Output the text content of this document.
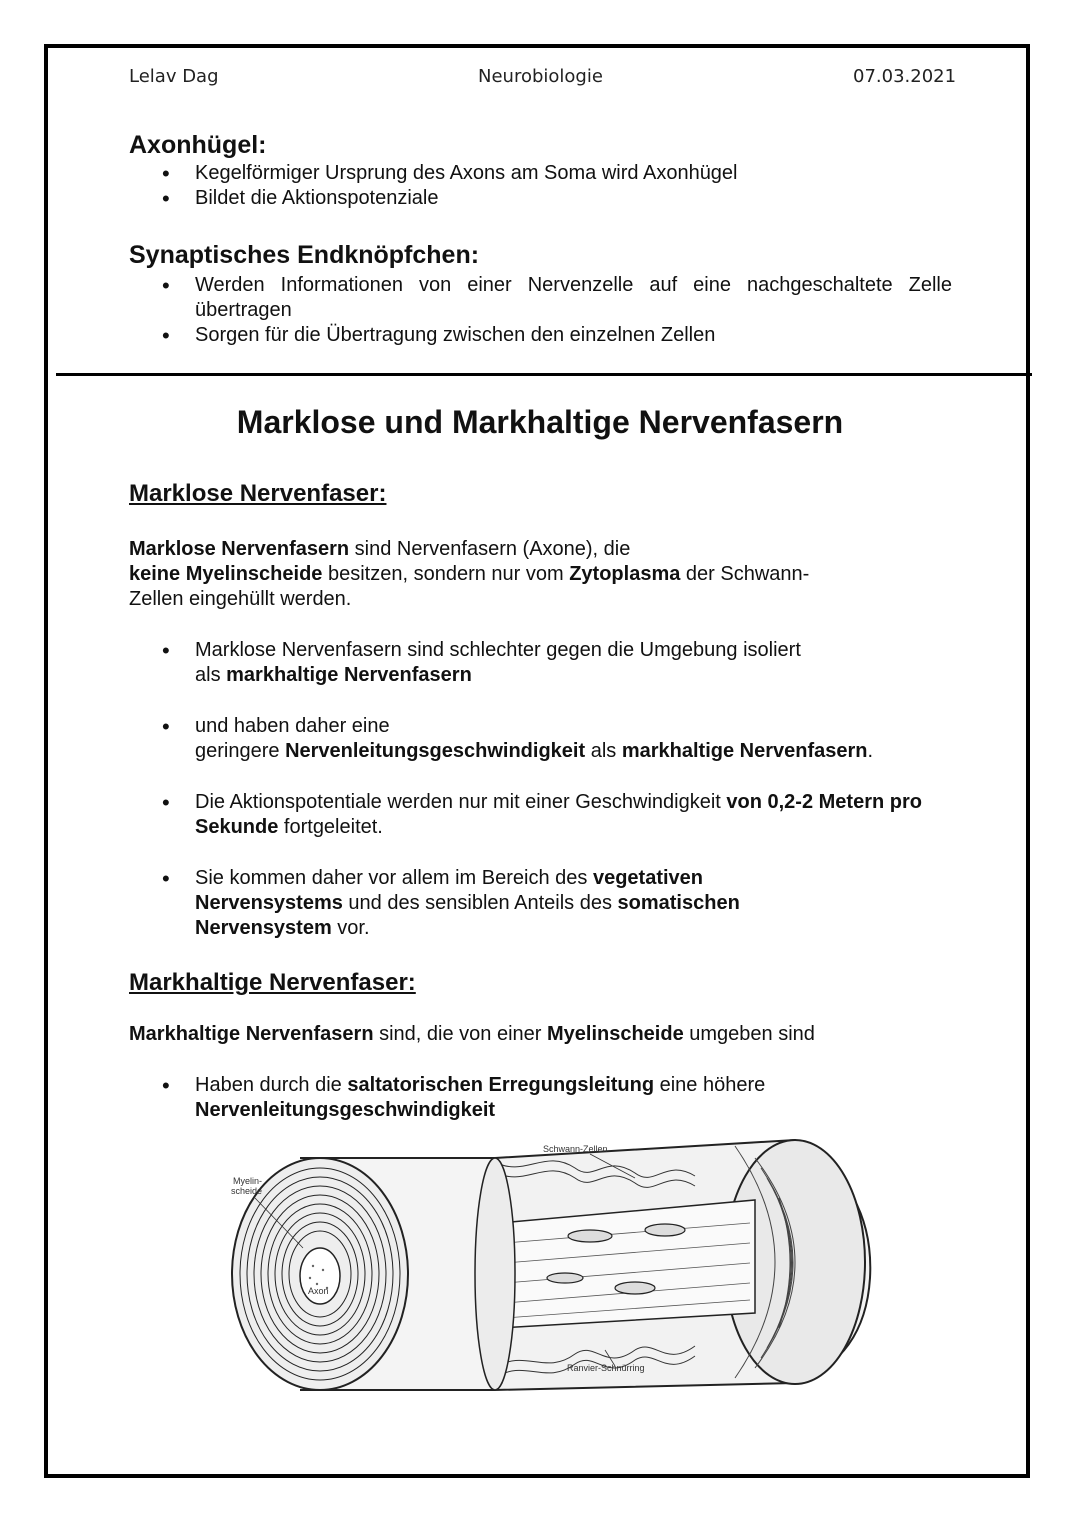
Lelav Dag	Neurobiologie	07.03.2021
Axonhügel:
• Kegelförmiger Ursprung des Axons am Soma wird Axonhügel
• Bildet die Aktionspotenziale
Synaptisches Endknöpfchen:
• Werden Informationen von einer Nervenzelle auf eine nachgeschaltete Zelle übertragen
• Sorgen für die Übertragung zwischen den einzelnen Zellen
Marklose und Markhaltige Nervenfasern
Marklose Nervenfaser:

Marklose Nervenfasern sind Nervenfasern (Axone), die
keine Myelinscheide besitzen, sondern nur vom Zytoplasma der Schwann-
Zellen eingehüllt werden.

• Marklose Nervenfasern sind schlechter gegen die Umgebung isoliert
als markhaltige Nervenfasern
• und haben daher eine
geringere Nervenleitungsgeschwindigkeit als markhaltige Nervenfasern.
• Die Aktionspotentiale werden nur mit einer Geschwindigkeit von 0,2-2 Metern pro Sekunde fortgeleitet.
• Sie kommen daher vor allem im Bereich des vegetativen
Nervensystems und des sensiblen Anteils des somatischen
Nervensystem vor.
Markhaltige Nervenfaser:

Markhaltige Nervenfasern sind, die von einer Myelinscheide umgeben sind

• Haben durch die saltatorischen Erregungsleitung eine höhere
Nervenleitungsgeschwindigkeit
Schwann-Zellen
Myelin-
scheide
Axon
Ranvier-Schnürring
